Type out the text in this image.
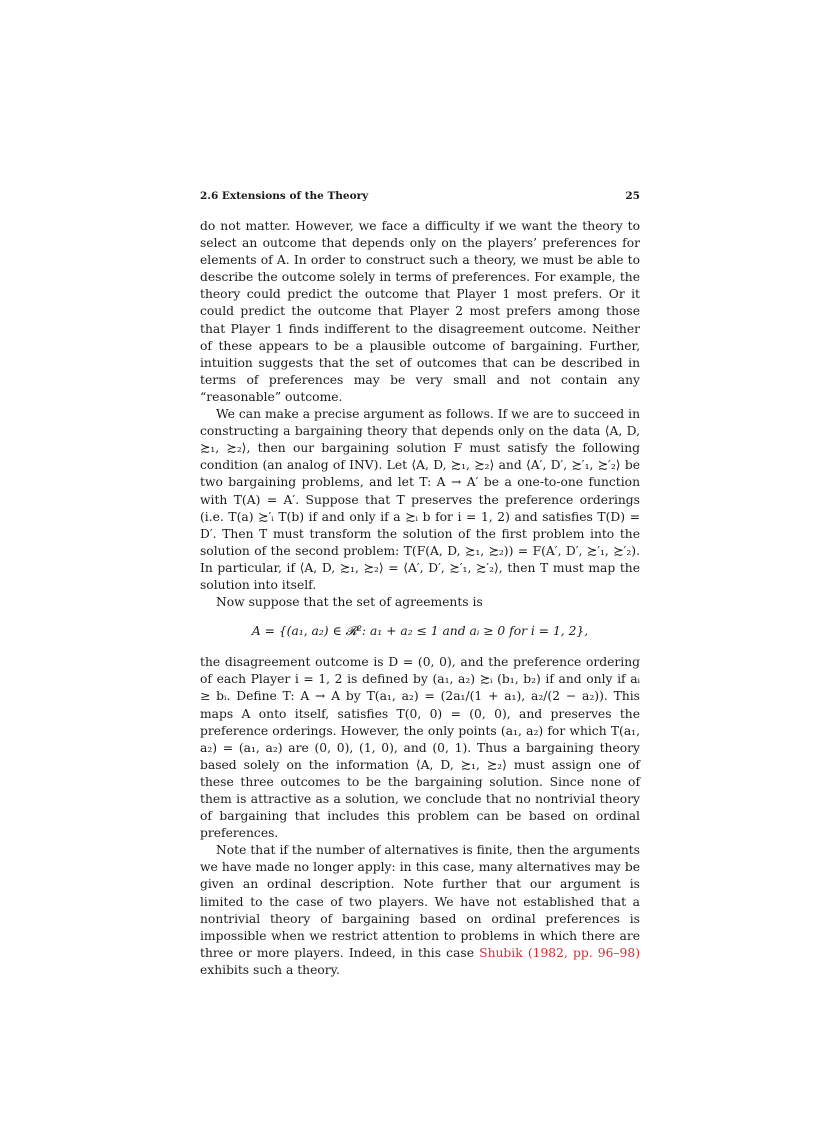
2.6 Extensions of the Theory	25

do not matter. However, we face a difficulty if we want the theory to select an outcome that depends only on the players’ preferences for elements of A. In order to construct such a theory, we must be able to describe the outcome solely in terms of preferences. For example, the theory could predict the outcome that Player 1 most prefers. Or it could predict the outcome that Player 2 most prefers among those that Player 1 finds indifferent to the disagreement outcome. Neither of these appears to be a plausible outcome of bargaining. Further, intuition suggests that the set of outcomes that can be described in terms of preferences may be very small and not contain any “reasonable” outcome.

We can make a precise argument as follows. If we are to succeed in constructing a bargaining theory that depends only on the data ⟨A, D, ≿₁, ≿₂⟩, then our bargaining solution F must satisfy the following condition (an analog of INV). Let ⟨A, D, ≿₁, ≿₂⟩ and ⟨A′, D′, ≿′₁, ≿′₂⟩ be two bargaining problems, and let T: A → A′ be a one-to-one function with T(A) = A′. Suppose that T preserves the preference orderings (i.e. T(a) ≿′ᵢ T(b) if and only if a ≿ᵢ b for i = 1, 2) and satisfies T(D) = D′. Then T must transform the solution of the first problem into the solution of the second problem: T(F(A, D, ≿₁, ≿₂)) = F(A′, D′, ≿′₁, ≿′₂). In particular, if ⟨A, D, ≿₁, ≿₂⟩ = ⟨A′, D′, ≿′₁, ≿′₂⟩, then T must map the solution into itself.

Now suppose that the set of agreements is

A = {(a₁, a₂) ∈ 𝓡²: a₁ + a₂ ≤ 1 and aᵢ ≥ 0 for i = 1, 2},

the disagreement outcome is D = (0, 0), and the preference ordering of each Player i = 1, 2 is defined by (a₁, a₂) ≿ᵢ (b₁, b₂) if and only if aᵢ ≥ bᵢ. Define T: A → A by T(a₁, a₂) = (2a₁/(1 + a₁), a₂/(2 − a₂)). This maps A onto itself, satisfies T(0, 0) = (0, 0), and preserves the preference orderings. However, the only points (a₁, a₂) for which T(a₁, a₂) = (a₁, a₂) are (0, 0), (1, 0), and (0, 1). Thus a bargaining theory based solely on the information ⟨A, D, ≿₁, ≿₂⟩ must assign one of these three outcomes to be the bargaining solution. Since none of them is attractive as a solution, we conclude that no nontrivial theory of bargaining that includes this problem can be based on ordinal preferences.

Note that if the number of alternatives is finite, then the arguments we have made no longer apply: in this case, many alternatives may be given an ordinal description. Note further that our argument is limited to the case of two players. We have not established that a nontrivial theory of bargaining based on ordinal preferences is impossible when we restrict attention to problems in which there are three or more players. Indeed, in this case Shubik (1982, pp. 96–98) exhibits such a theory.
